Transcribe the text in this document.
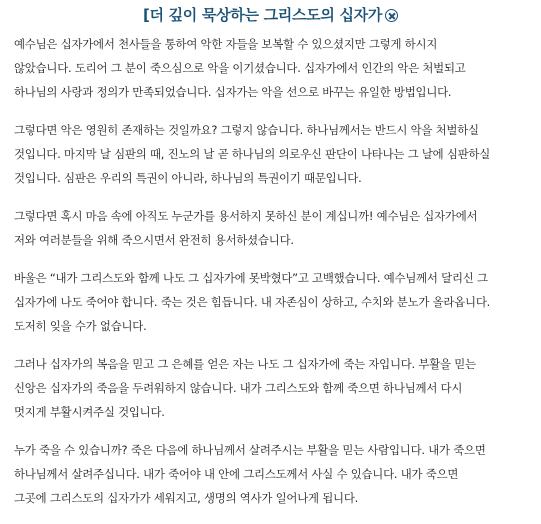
[더 깊이 묵상하는 그리스도의 십자가

예수님은 십자가에서 천사들을 통하여 악한 자들을 보복할 수 있으셨지만 그렇게 하시지
않았습니다. 도리어 그 분이 죽으심으로 악을 이기셨습니다. 십자가에서 인간의 악은 처벌되고
하나님의 사랑과 정의가 만족되었습니다. 십자가는 악을 선으로 바꾸는 유일한 방법입니다.

그렇다면 악은 영원히 존재하는 것일까요? 그렇지 않습니다. 하나님께서는 반드시 악을 처벌하실
것입니다. 마지막 날 심판의 때, 진노의 날 곧 하나님의 의로우신 판단이 나타나는 그 날에 심판하실
것입니다. 심판은 우리의 특권이 아니라, 하나님의 특권이기 때문입니다.

그렇다면 혹시 마음 속에 아직도 누군가를 용서하지 못하신 분이 계십니까! 예수님은 십자가에서
저와 여러분들을 위해 죽으시면서 완전히 용서하셨습니다.

바울은 “내가 그리스도와 함께 나도 그 십자가에 못박혔다”고 고백했습니다. 예수님께서 달리신 그
십자가에 나도 죽어야 합니다. 죽는 것은 힘듭니다. 내 자존심이 상하고, 수치와 분노가 올라옵니다.
도저히 잊을 수가 없습니다.

그러나 십자가의 복음을 믿고 그 은혜를 얻은 자는 나도 그 십자가에 죽는 자입니다. 부활을 믿는
신앙은 십자가의 죽음을 두려워하지 않습니다. 내가 그리스도와 함께 죽으면 하나님께서 다시
멋지게 부활시켜주실 것입니다.

누가 죽을 수 있습니까? 죽은 다음에 하나님께서 살려주시는 부활을 믿는 사람입니다. 내가 죽으면
하나님께서 살려주십니다. 내가 죽어야 내 안에 그리스도께서 사실 수 있습니다. 내가 죽으면
그곳에 그리스도의 십자가가 세워지고, 생명의 역사가 일어나게 됩니다.
